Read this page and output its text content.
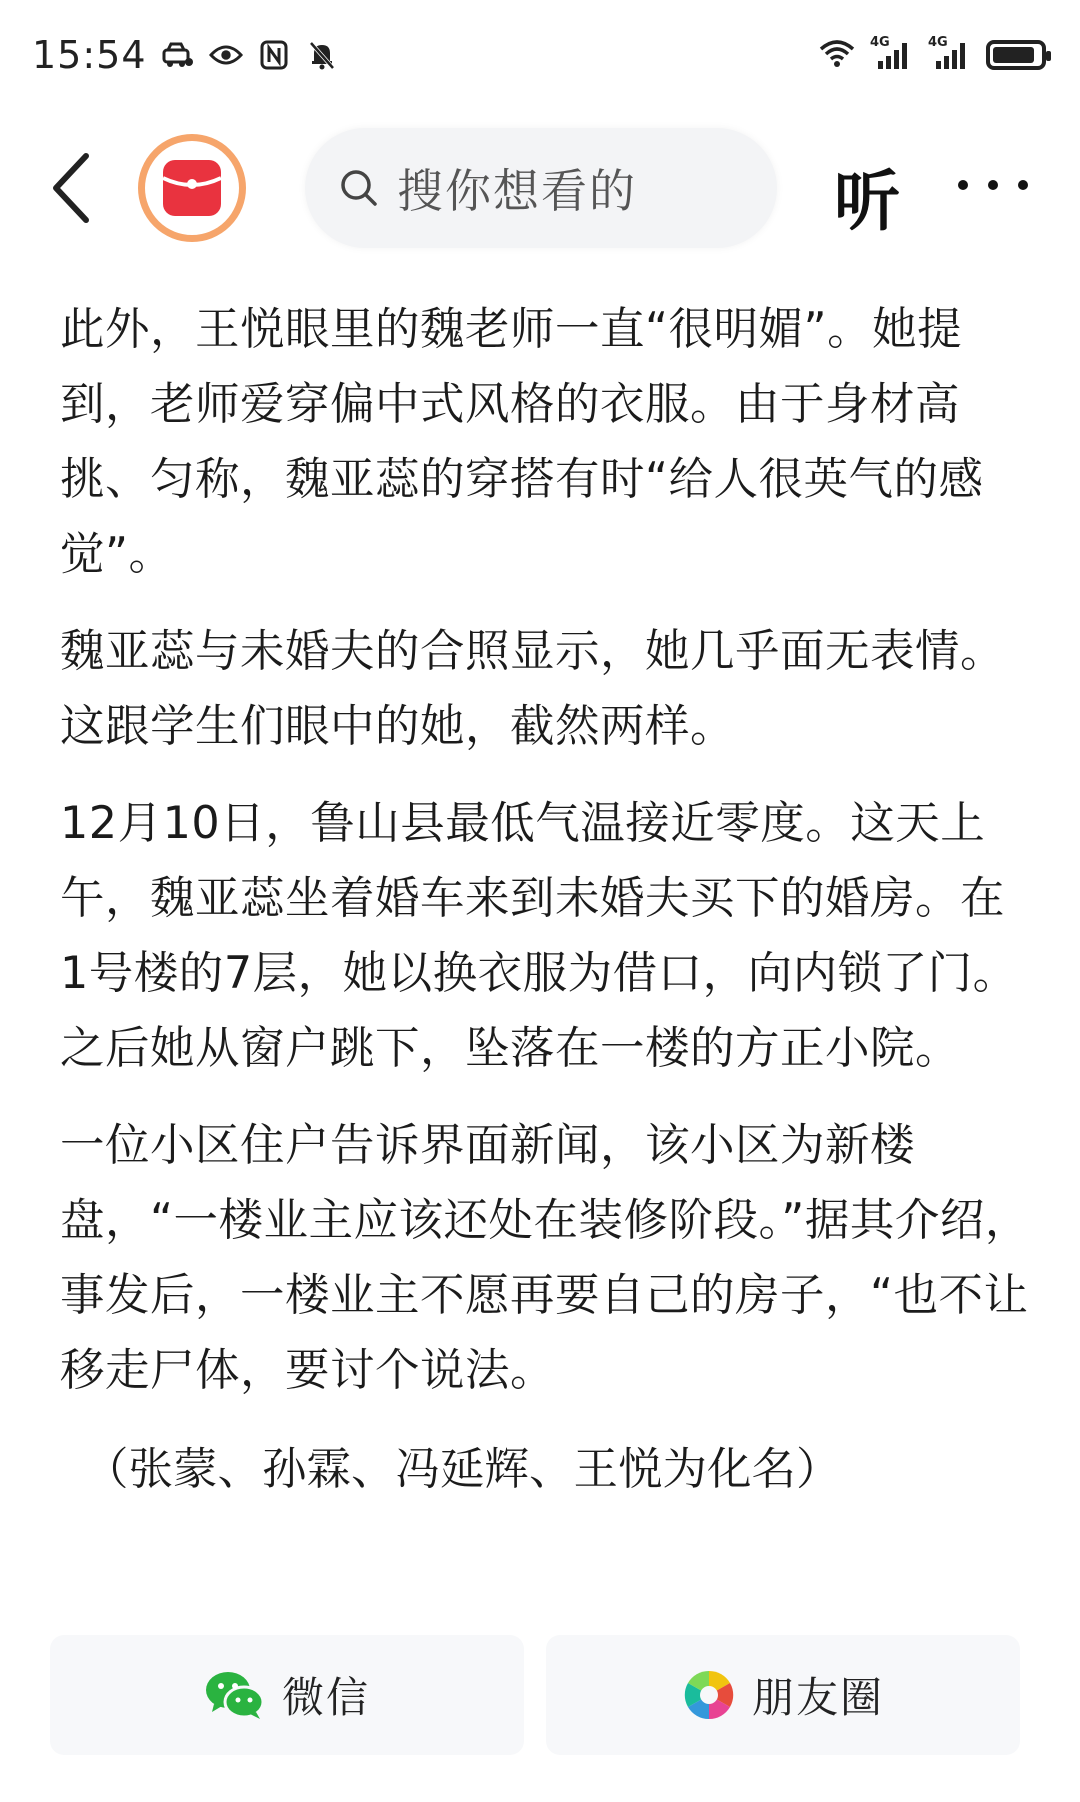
15:54	4G	4G
搜你想看的	听

此外，王悦眼里的魏老师一直“很明媚”。她提到，老师爱穿偏中式风格的衣服。由于身材高挑、匀称，魏亚蕊的穿搭有时“给人很英气的感觉”。

魏亚蕊与未婚夫的合照显示，她几乎面无表情。这跟学生们眼中的她，截然两样。

12月10日，鲁山县最低气温接近零度。这天上午，魏亚蕊坐着婚车来到未婚夫买下的婚房。在1号楼的7层，她以换衣服为借口，向内锁了门。之后她从窗户跳下，坠落在一楼的方正小院。

一位小区住户告诉界面新闻，该小区为新楼盘，“一楼业主应该还处在装修阶段。”据其介绍，事发后，一楼业主不愿再要自己的房子，“也不让移走尸体，要讨个说法。

（张蒙、孙霖、冯延辉、王悦为化名）
微信	朋友圈
